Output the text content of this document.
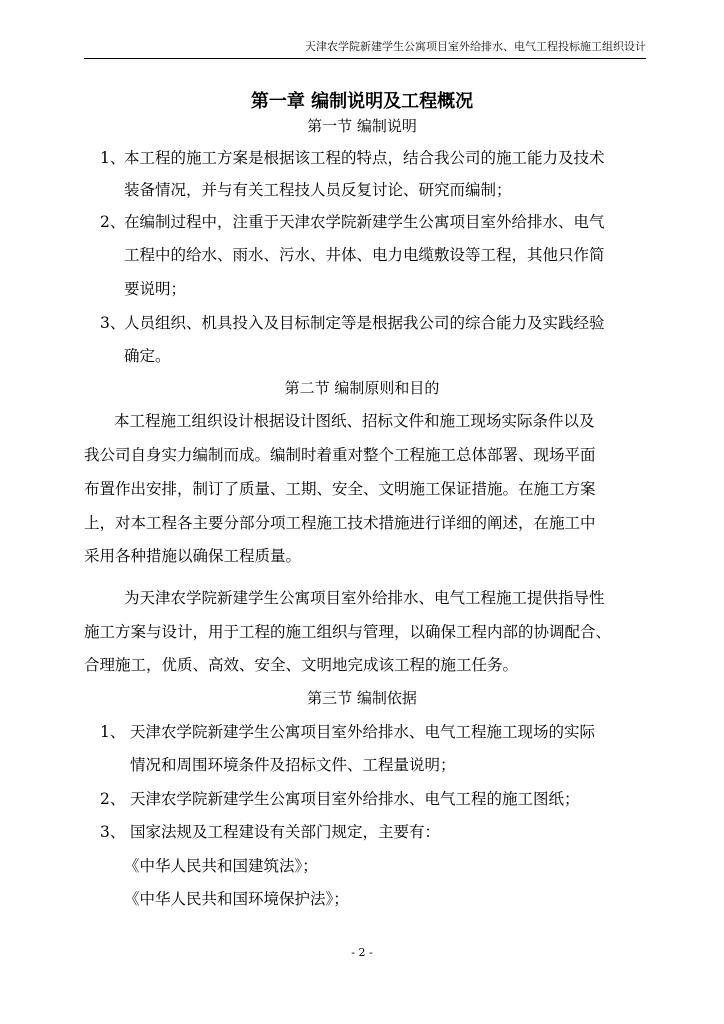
天津农学院新建学生公寓项目室外给排水、电气工程投标施工组织设计
第一章 编制说明及工程概况
第一节 编制说明
1、
本工程的施工方案是根据该工程的特点，结合我公司的施工能力及技术
装备情况，并与有关工程技人员反复讨论、研究而编制；
2、
在编制过程中，注重于天津农学院新建学生公寓项目室外给排水、电气
工程中的给水、雨水、污水、井体、电力电缆敷设等工程，其他只作简
要说明；
3、
人员组织、机具投入及目标制定等是根据我公司的综合能力及实践经验
确定。
第二节 编制原则和目的
本工程施工组织设计根据设计图纸、招标文件和施工现场实际条件以及
我公司自身实力编制而成。编制时着重对整个工程施工总体部署、现场平面
布置作出安排，制订了质量、工期、安全、文明施工保证措施。在施工方案
上，对本工程各主要分部分项工程施工技术措施进行详细的阐述，在施工中
采用各种措施以确保工程质量。
为天津农学院新建学生公寓项目室外给排水、电气工程施工提供指导性
施工方案与设计，用于工程的施工组织与管理，以确保工程内部的协调配合、
合理施工，优质、高效、安全、文明地完成该工程的施工任务。
第三节 编制依据
1、 天津农学院新建学生公寓项目室外给排水、电气工程施工现场的实际
情况和周围环境条件及招标文件、工程量说明；
2、 天津农学院新建学生公寓项目室外给排水、电气工程的施工图纸；
3、 国家法规及工程建设有关部门规定，主要有：
《中华人民共和国建筑法》；
《中华人民共和国环境保护法》；
- 2 -
